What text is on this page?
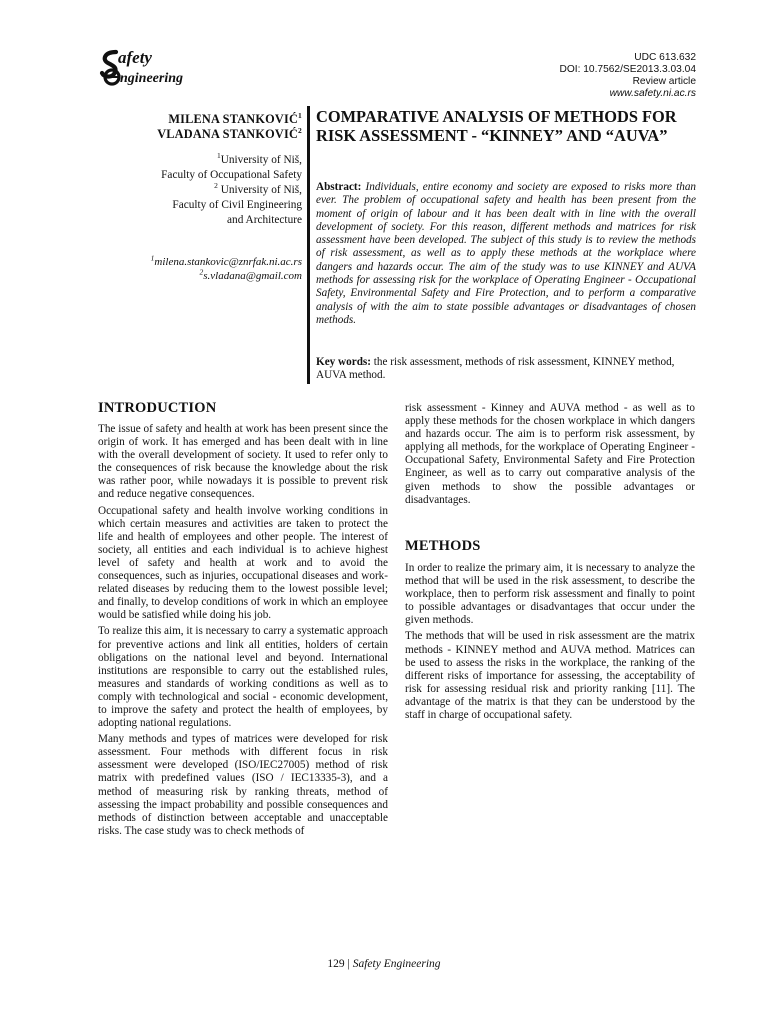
afety
ngineering
UDC 613.632
DOI: 10.7562/SE2013.3.03.04
Review article
www.safety.ni.ac.rs
MILENA STANKOVIĆ$^1$
VLADANA STANKOVIĆ$^2$
$^1$University of Niš,
Faculty of Occupational Safety
$^2$ University of Niš,
Faculty of Civil Engineering and Architecture
$^1$milena.stankovic@znrfak.ni.ac.rs
$^2$s.vladana@gmail.com
COMPARATIVE ANALYSIS OF METHODS FOR RISK ASSESSMENT - “KINNEY” AND “AUVA”
Abstract: Individuals, entire economy and society are exposed to risks more than ever. The problem of occupational safety and health has been present from the moment of origin of labour and it has been dealt with in line with the overall development of society. For this reason, different methods and matrices for risk assessment have been developed. The subject of this study is to review the methods of risk assessment, as well as to apply these methods at the workplace where dangers and hazards occur. The aim of the study was to use KINNEY and AUVA methods for assessing risk for the workplace of Operating Engineer - Occupational Safety, Environmental Safety and Fire Protection, and to perform a comparative analysis of with the aim to state possible advantages or disadvantages of chosen methods.
Key words: the risk assessment, methods of risk assessment, KINNEY method, AUVA method.
INTRODUCTION

The issue of safety and health at work has been present since the origin of work. It has emerged and has been dealt with in line with the overall development of society. It used to refer only to the consequences of risk because the knowledge about the risk was rather poor, while nowadays it is possible to prevent risk and reduce negative consequences.

Occupational safety and health involve working conditions in which certain measures and activities are taken to protect the life and health of employees and other people. The interest of society, all entities and each individual is to achieve highest level of safety and health at work and to avoid the consequences, such as injuries, occupational diseases and work-related diseases by reducing them to the lowest possible level; and finally, to develop conditions of work in which an employee would be satisfied while doing his job.

To realize this aim, it is necessary to carry a systematic approach for preventive actions and link all entities, holders of certain obligations on the national level and beyond. International institutions are responsible to carry out the established rules, measures and standards of working conditions as well as to comply with technological and social - economic development, to improve the safety and protect the health of employees, by adopting national regulations.

Many methods and types of matrices were developed for risk assessment. Four methods with different focus in risk assessment were developed (ISO/IEC27005) method of risk matrix with predefined values (ISO / IEC13335-3), and a method of measuring risk by ranking threats, method of assessing the impact probability and possible consequences and methods of distinction between acceptable and unacceptable risks. The case study was to check methods of

risk assessment - Kinney and AUVA method - as well as to apply these methods for the chosen workplace in which dangers and hazards occur. The aim is to perform risk assessment, by applying all methods, for the workplace of Operating Engineer - Occupational Safety, Environmental Safety and Fire Protection Engineer, as well as to carry out comparative analysis of the given methods to show the possible advantages or disadvantages.

METHODS

In order to realize the primary aim, it is necessary to analyze the method that will be used in the risk assessment, to describe the workplace, then to perform risk assessment and finally to point to possible advantages or disadvantages that occur under the given methods.

The methods that will be used in risk assessment are the matrix methods - KINNEY method and AUVA method. Matrices can be used to assess the risks in the workplace, the ranking of the different risks of importance for assessing, the acceptability of risk for assessing residual risk and priority ranking [11]. The advantage of the matrix is that they can be understood by the staff in charge of occupational safety.

129 | Safety Engineering
